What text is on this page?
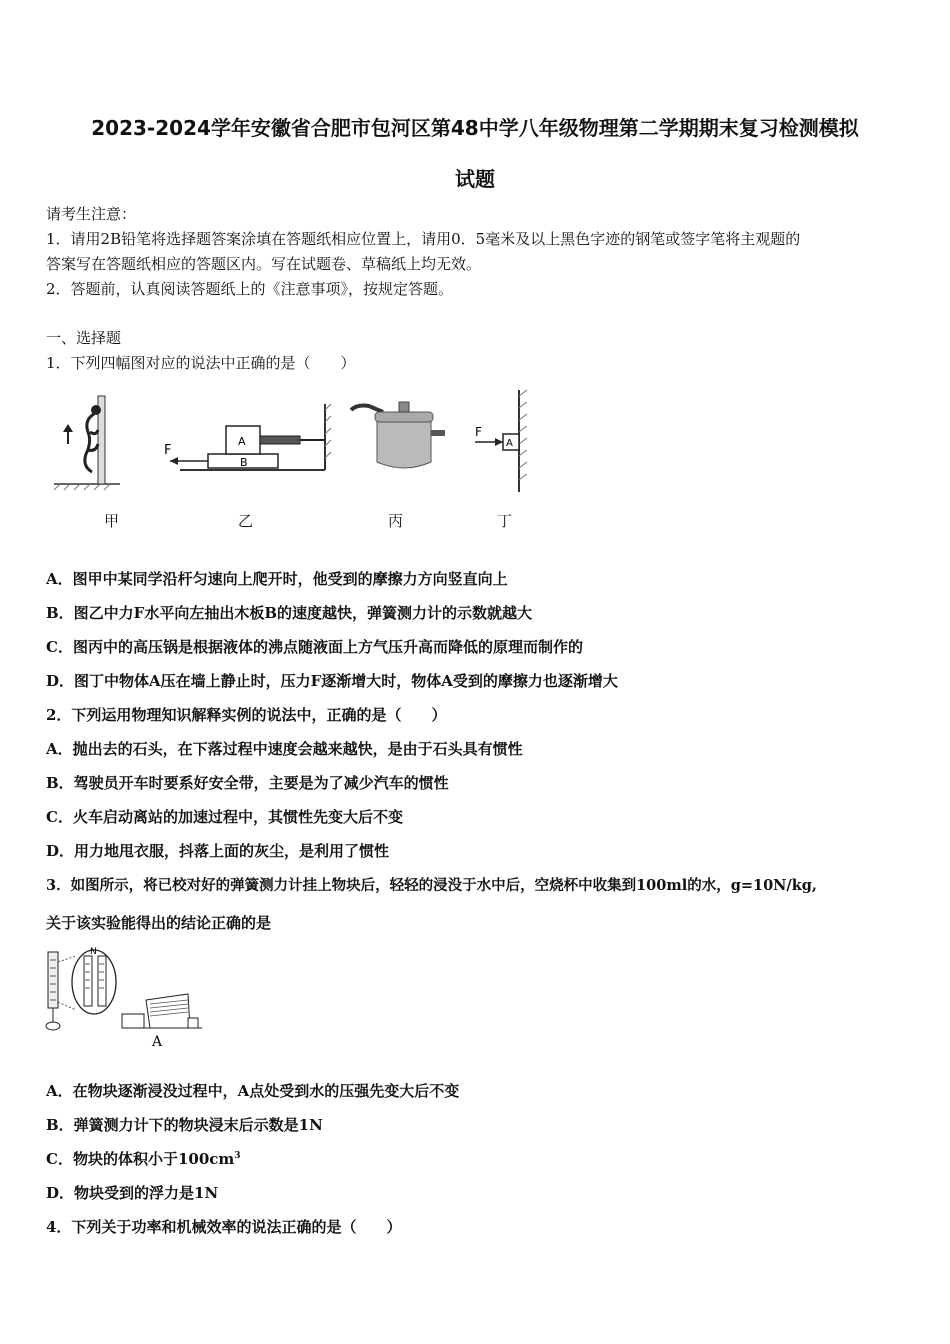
2023-2024学年安徽省合肥市包河区第48中学八年级物理第二学期期末复习检测模拟
试题
请考生注意：
1．请用2B铅笔将选择题答案涂填在答题纸相应位置上，请用0．5毫米及以上黑色字迹的钢笔或签字笔将主观题的
答案写在答题纸相应的答题区内。写在试题卷、草稿纸上均无效。
2．答题前，认真阅读答题纸上的《注意事项》，按规定答题。
一、选择题
1．下列四幅图对应的说法中正确的是（　　）
F
A
B
F
A
甲	乙	丙	丁
A．图甲中某同学沿杆匀速向上爬开时，他受到的摩擦力方向竖直向上
B．图乙中力F水平向左抽出木板B的速度越快，弹簧测力计的示数就越大
C．图丙中的高压锅是根据液体的沸点随液面上方气压升高而降低的原理而制作的
D．图丁中物体A压在墙上静止时，压力F逐渐增大时，物体A受到的摩擦力也逐渐增大
2．下列运用物理知识解释实例的说法中，正确的是（　　）
A．抛出去的石头，在下落过程中速度会越来越快，是由于石头具有惯性
B．驾驶员开车时要系好安全带，主要是为了减少汽车的惯性
C．火车启动离站的加速过程中，其惯性先变大后不变
D．用力地甩衣服，抖落上面的灰尘，是利用了惯性
3．如图所示，将已校对好的弹簧测力计挂上物块后，轻轻的浸没于水中后，空烧杯中收集到100ml的水，g=10N/kg,
关于该实验能得出的结论正确的是
N
A
A．在物块逐渐浸没过程中，A点处受到水的压强先变大后不变
B．弹簧测力计下的物块浸末后示数是1N
C．物块的体积小于$100cm^3$
D．物块受到的浮力是1N
4．下列关于功率和机械效率的说法正确的是（　　）
